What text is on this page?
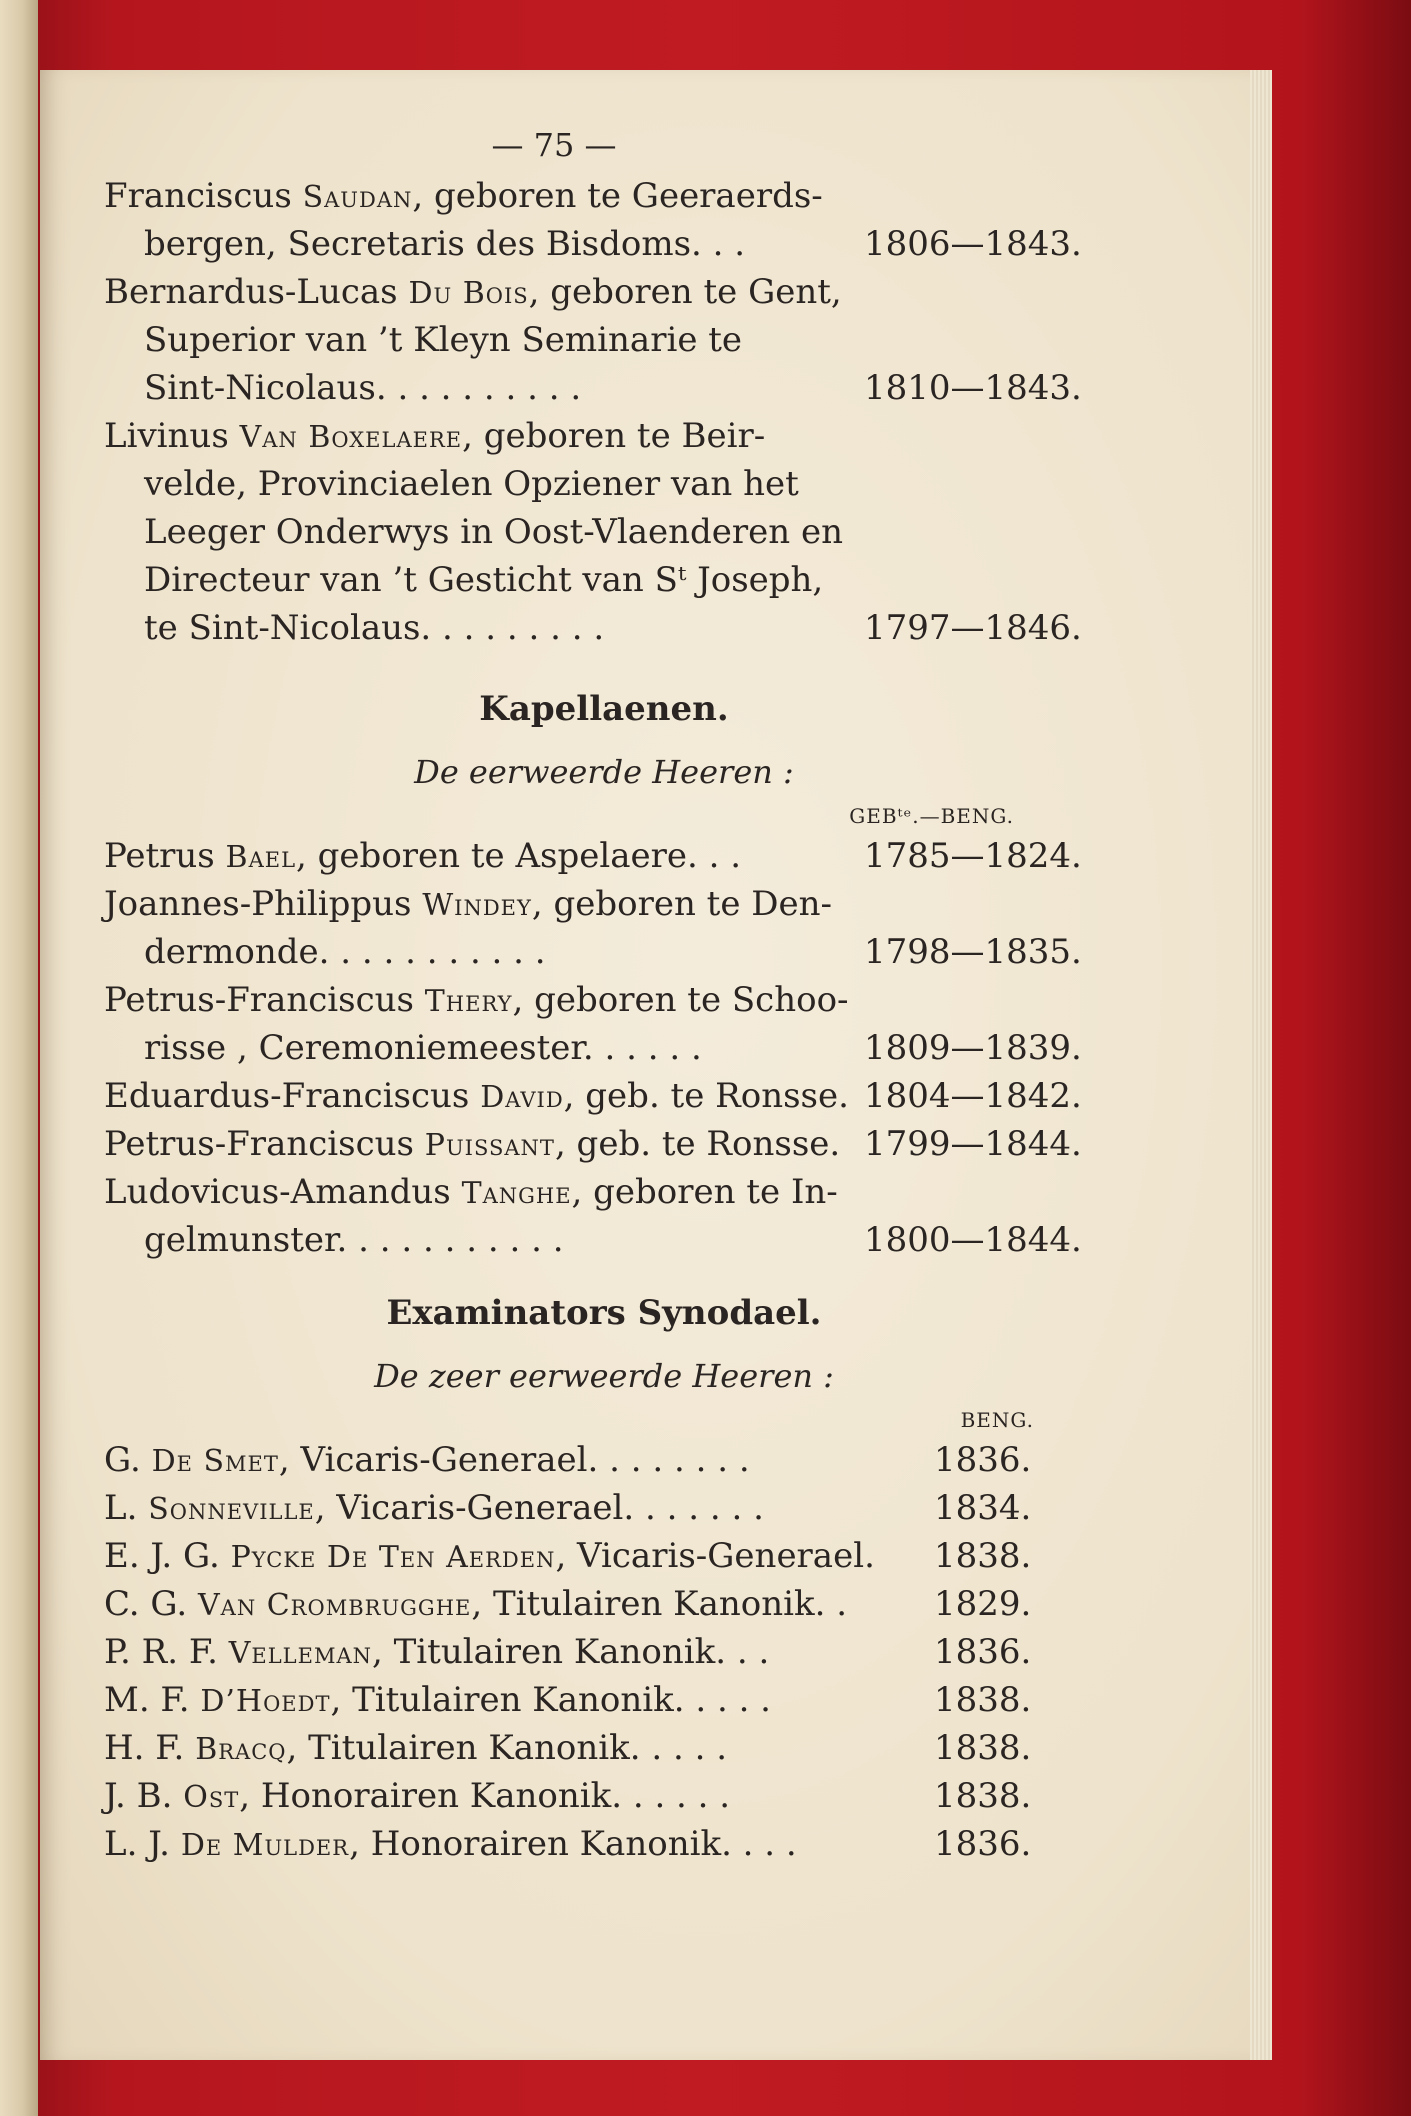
— 75 —
Franciscus Saudan, geboren te Geeraerds-
bergen, Secretaris des Bisdoms. . .	1806—1843.
Bernardus-Lucas Du Bois, geboren te Gent,
Superior van ’t Kleyn Seminarie te
Sint-Nicolaus. . . . . . . . . .	1810—1843.
Livinus Van Boxelaere, geboren te Beir-
velde, Provinciaelen Opziener van het
Leeger Onderwys in Oost-Vlaenderen en
Directeur van ’t Gesticht van Sᵗ Joseph,
te Sint-Nicolaus. . . . . . . . .	1797—1846.
Kapellaenen.
De eerweerde Heeren :
GEBᵗᵉ.—BENG.
Petrus Bael, geboren te Aspelaere. . .	1785—1824.
Joannes-Philippus Windey, geboren te Den-
dermonde. . . . . . . . . . .	1798—1835.
Petrus-Franciscus Thery, geboren te Schoo-
risse , Ceremoniemeester. . . . . .	1809—1839.
Eduardus-Franciscus David, geb. te Ronsse. 1804—1842.
Petrus-Franciscus Puissant, geb. te Ronsse. 1799—1844.
Ludovicus-Amandus Tanghe, geboren te In-
gelmunster. . . . . . . . . . .	1800—1844.
Examinators Synodael.
De zeer eerweerde Heeren :
BENG.
G. De Smet, Vicaris-Generael. . . . . . . .	1836.
L. Sonneville, Vicaris-Generael. . . . . . .	1834.
E. J. G. Pycke De Ten Aerden, Vicaris-Generael. 1838.
C. G. Van Crombrugghe, Titulairen Kanonik. .	1829.
P. R. F. Velleman, Titulairen Kanonik. . .	1836.
M. F. D’Hoedt, Titulairen Kanonik. . . . .	1838.
H. F. Bracq, Titulairen Kanonik. . . . .	1838.
J. B. Ost, Honorairen Kanonik. . . . . .	1838.
L. J. De Mulder, Honorairen Kanonik. . . .	1836.
